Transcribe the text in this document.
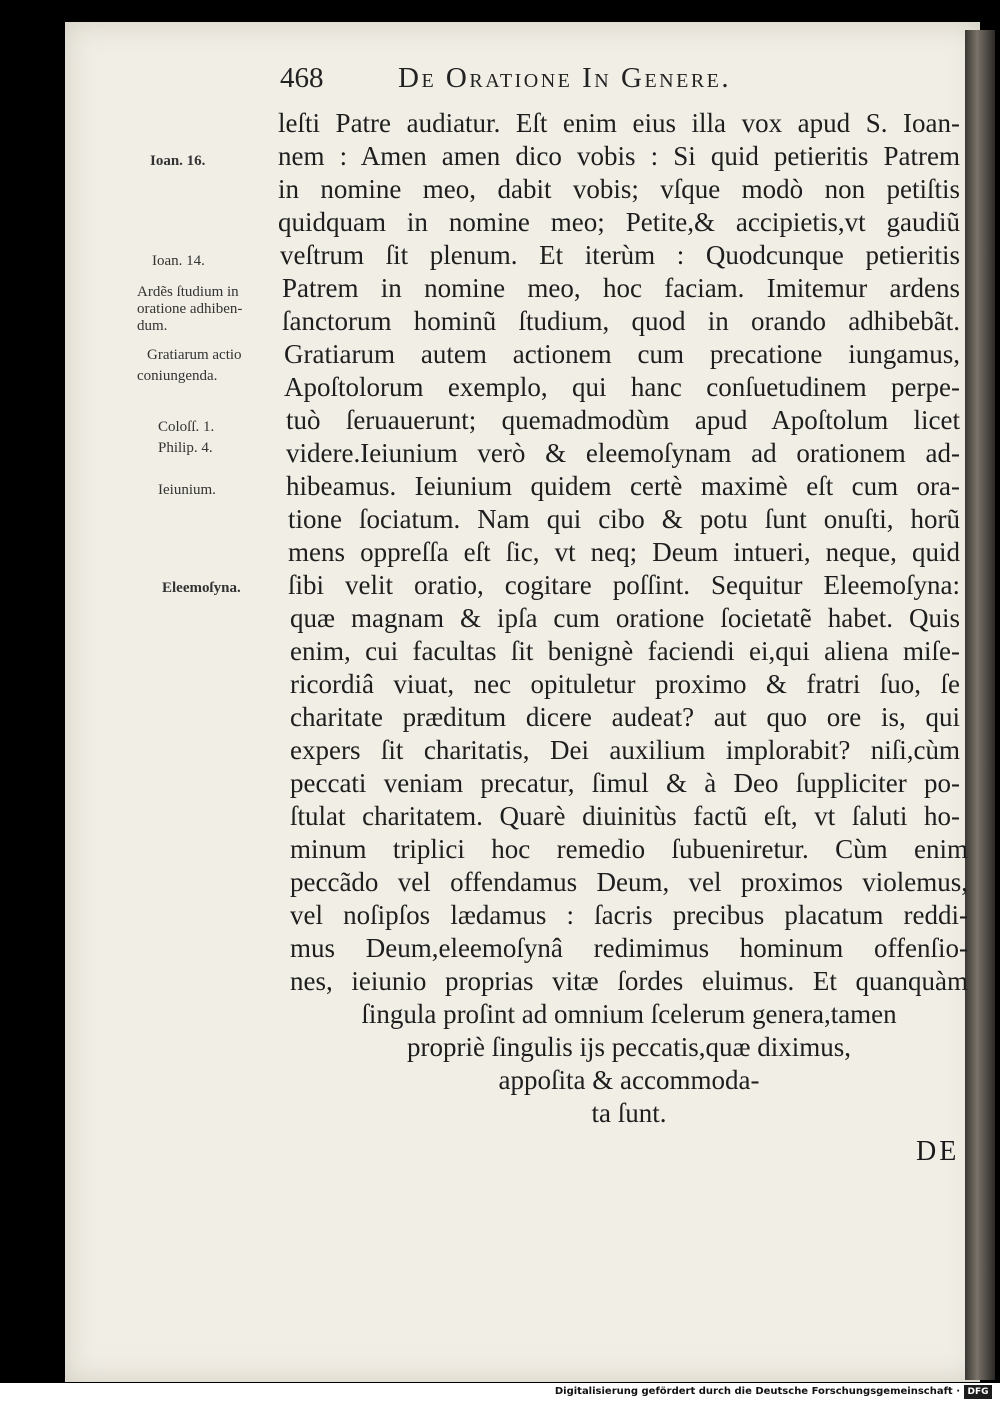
468	De Oratione In Genere.
Ioan. 16.
Ioan. 14.
Ardẽs ſtudium in
oratione adhiben-
dum.
Gratiarum actio
coniungenda.
Coloſſ. 1.
Philip. 4.
Ieiunium.
Eleemoſyna.
leſti Patre audiatur. Eſt enim eius illa vox apud S. Ioan-
nem : Amen amen dico vobis : Si quid petieritis Patrem
in nomine meo, dabit vobis; vſque modò non petiſtis
quidquam in nomine meo; Petite,& accipietis,vt gaudiũ
veſtrum ſit plenum. Et iterùm : Quodcunque petieritis
Patrem in nomine meo, hoc faciam. Imitemur ardens
ſanctorum hominũ ſtudium, quod in orando adhibebãt.
Gratiarum autem actionem cum precatione iungamus,
Apoſtolorum exemplo, qui hanc conſuetudinem perpe-
tuò ſeruauerunt; quemadmodùm apud Apoſtolum licet
videre.Ieiunium verò & eleemoſynam ad orationem ad-
hibeamus. Ieiunium quidem certè maximè eſt cum ora-
tione ſociatum. Nam qui cibo & potu ſunt onuſti, horũ
mens oppreſſa eſt ſic, vt neq; Deum intueri, neque, quid
ſibi velit oratio, cogitare poſſint. Sequitur Eleemoſyna:
quæ magnam & ipſa cum oratione ſocietatẽ habet. Quis
enim, cui facultas ſit benignè faciendi ei,qui aliena miſe-
ricordiâ viuat, nec opituletur proximo & fratri ſuo, ſe
charitate præditum dicere audeat? aut quo ore is, qui
expers ſit charitatis, Dei auxilium implorabit? niſi,cùm
peccati veniam precatur, ſimul & à Deo ſuppliciter po-
ſtulat charitatem. Quarè diuinitùs factũ eſt, vt ſaluti ho-
minum triplici hoc remedio ſubueniretur. Cùm enim
peccãdo vel offendamus Deum, vel proximos violemus,
vel noſipſos lædamus : ſacris precibus placatum reddi-
mus Deum,eleemoſynâ redimimus hominum offenſio-
nes, ieiunio proprias vitæ ſordes eluimus. Et quanquàm
ſingula proſint ad omnium ſcelerum genera,tamen
propriè ſingulis ijs peccatis,quæ diximus,
appoſita & accommoda-
ta ſunt.
DE
Digitalisierung gefördert durch die Deutsche Forschungsgemeinschaft · DFG
